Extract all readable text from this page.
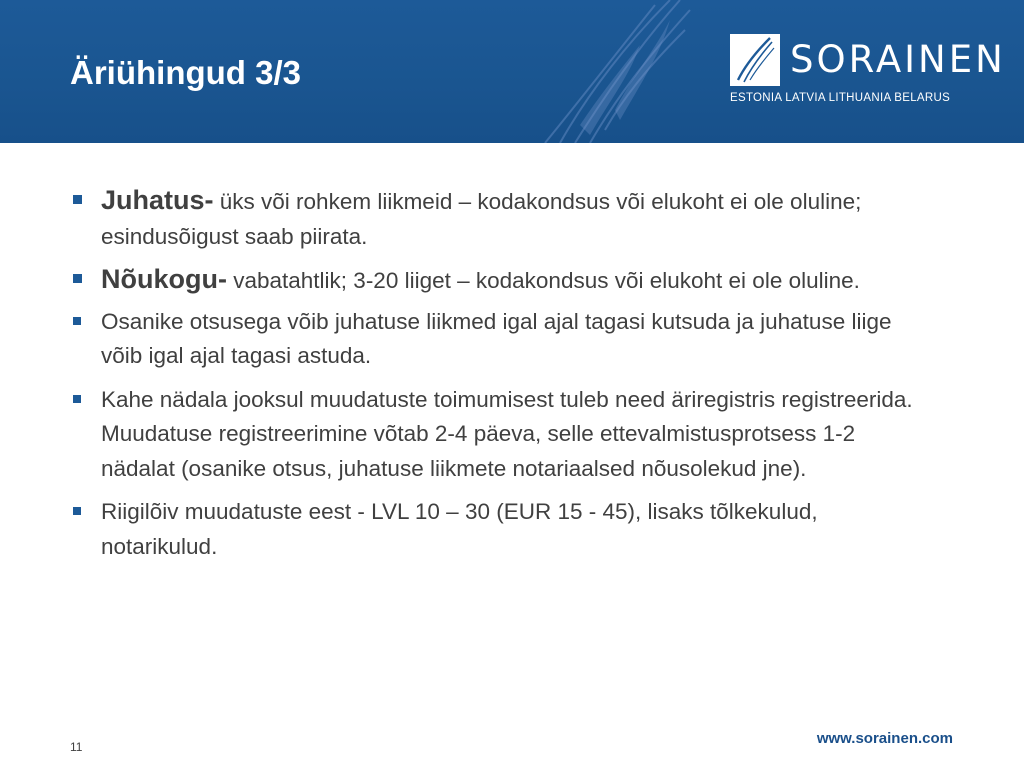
Äriühingud 3/3	SORAINEN
ESTONIA LATVIA LITHUANIA BELARUS
Juhatus- üks või rohkem liikmeid – kodakondsus või elukoht ei ole oluline; esindusõigust saab piirata.
Nõukogu- vabatahtlik; 3-20 liiget – kodakondsus või elukoht ei ole oluline.
Osanike otsusega võib juhatuse liikmed igal ajal tagasi kutsuda ja juhatuse liige võib igal ajal tagasi astuda.
Kahe nädala jooksul muudatuste toimumisest tuleb need äriregistris registreerida. Muudatuse registreerimine võtab 2-4 päeva, selle ettevalmistusprotsess 1-2 nädalat (osanike otsus, juhatuse liikmete notariaalsed nõusolekud jne).
Riigilõiv muudatuste eest - LVL 10 – 30 (EUR 15 - 45), lisaks tõlkekulud, notarikulud.
11	www.sorainen.com
